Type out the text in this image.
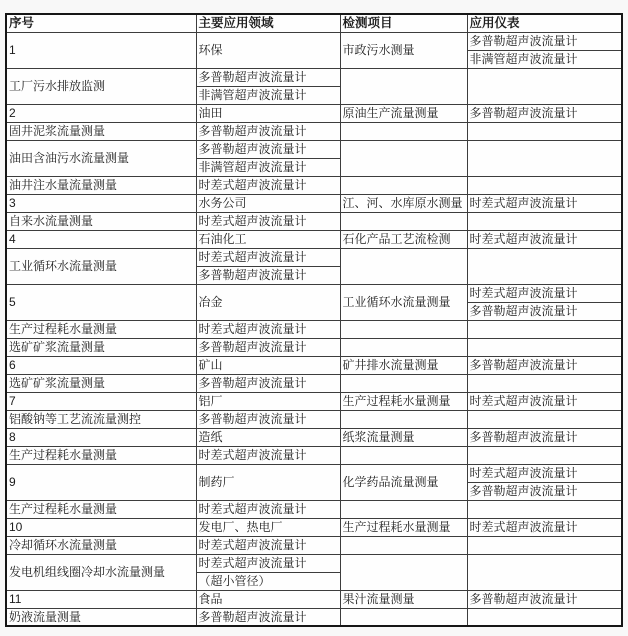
序号	主要应用领域	检测项目	应用仪表
1	环保	市政污水测量	多普勒超声波流量计
			非满管超声波流量计
工厂污水排放监测	多普勒超声波流量计		
	非满管超声波流量计		
2	油田	原油生产流量测量	多普勒超声波流量计
固井泥浆流量测量	多普勒超声波流量计		
油田含油污水流量测量	多普勒超声波流量计		
	非满管超声波流量计		
油井注水量流量测量	时差式超声波流量计		
3	水务公司	江、河、水库原水测量	时差式超声波流量计
自来水流量测量	时差式超声波流量计		
4	石油化工	石化产品工艺流检测	时差式超声波流量计
工业循环水流量测量	时差式超声波流量计		
	多普勒超声波流量计		
5	冶金	工业循环水流量测量	时差式超声波流量计
			多普勒超声波流量计
生产过程耗水量测量	时差式超声波流量计		
选矿矿浆流量测量	多普勒超声波流量计		
6	矿山	矿井排水流量测量	多普勒超声波流量计
选矿矿浆流量测量	多普勒超声波流量计		
7	铝厂	生产过程耗水量测量	时差式超声波流量计
铝酸钠等工艺流流量测控	多普勒超声波流量计		
8	造纸	纸浆流量测量	多普勒超声波流量计
生产过程耗水量测量	时差式超声波流量计		
9	制药厂	化学药品流量测量	时差式超声波流量计
			多普勒超声波流量计
生产过程耗水量测量	时差式超声波流量计		
10	发电厂、热电厂	生产过程耗水量测量	时差式超声波流量计
冷却循环水流量测量	时差式超声波流量计		
发电机组线圈冷却水流量测量	时差式超声波流量计		
	（超小管径）		
11	食品	果汁流量测量	多普勒超声波流量计
奶液流量测量	多普勒超声波流量计		
